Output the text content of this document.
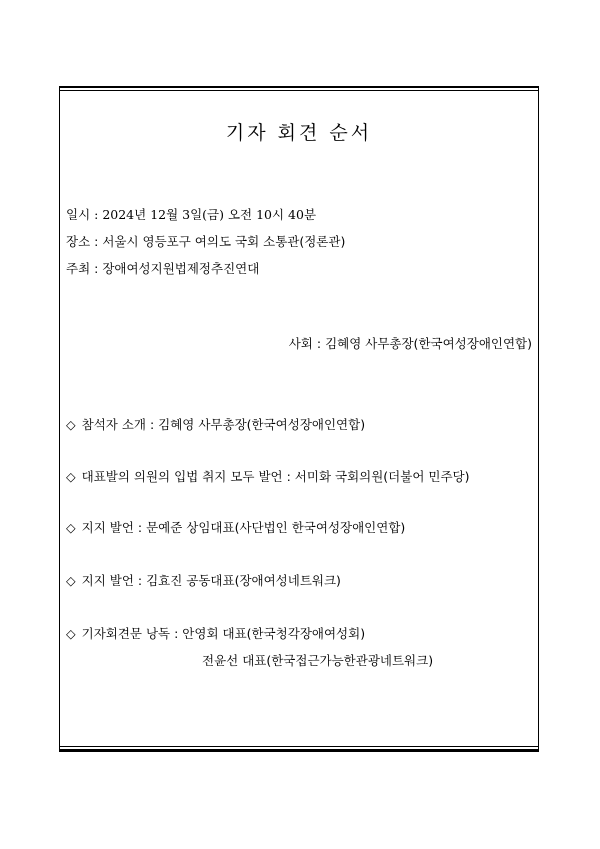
기자 회견 순서
일시 : 2024년 12월 3일(금) 오전 10시 40분
장소 : 서울시 영등포구 여의도 국회 소통관(정론관)
주최 : 장애여성지원법제정추진연대
사회 : 김혜영 사무총장(한국여성장애인연합)
◇ 참석자 소개 : 김혜영 사무총장(한국여성장애인연합)
◇ 대표발의 의원의 입법 취지 모두 발언 : 서미화 국회의원(더불어 민주당)
◇ 지지 발언 : 문예준 상임대표(사단법인 한국여성장애인연합)
◇ 지지 발언 : 김효진 공동대표(장애여성네트워크)
◇ 기자회견문 낭독 : 안영회 대표(한국청각장애여성회)
전윤선 대표(한국접근가능한관광네트워크)
